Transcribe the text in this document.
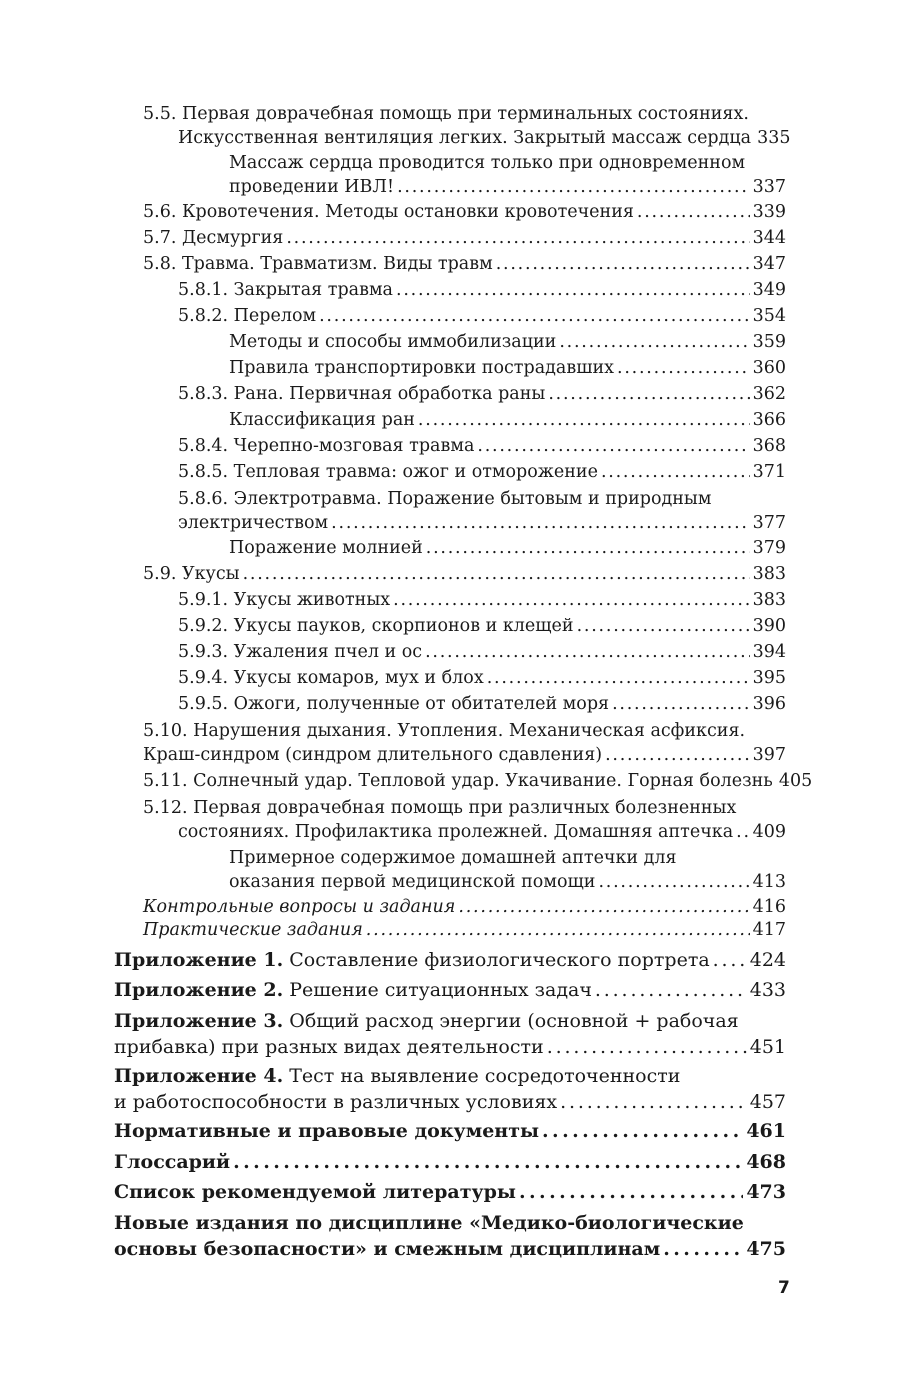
5.5. Первая доврачебная помощь при терминальных состояниях.
Искусственная вентиляция легких. Закрытый массаж сердца 335
Массаж сердца проводится только при одновременном
проведении ИВЛ! . . .	337
5.6. Кровотечения. Методы остановки кровотечения . . .	339
5.7. Десмургия . . .	344
5.8. Травма. Травматизм. Виды травм . . .	347
5.8.1. Закрытая травма . . .	349
5.8.2. Перелом . . .	354
Методы и способы иммобилизации . . .	359
Правила транспортировки пострадавших . . .	360
5.8.3. Рана. Первичная обработка раны . . .	362
Классификация ран . . .	366
5.8.4. Черепно-мозговая травма . . .	368
5.8.5. Тепловая травма: ожог и отморожение . . .	371
5.8.6. Электротравма. Поражение бытовым и природным
электричеством . . .	377
Поражение молнией . . .	379
5.9. Укусы . . .	383
5.9.1. Укусы животных . . .	383
5.9.2. Укусы пауков, скорпионов и клещей . . .	390
5.9.3. Ужаления пчел и ос . . .	394
5.9.4. Укусы комаров, мух и блох . . .	395
5.9.5. Ожоги, полученные от обитателей моря . . .	396
5.10. Нарушения дыхания. Утопления. Механическая асфиксия.
Краш-синдром (синдром длительного сдавления) . . .	397
5.11. Солнечный удар. Тепловой удар. Укачивание. Горная болезнь 405
5.12. Первая доврачебная помощь при различных болезненных
состояниях. Профилактика пролежней. Домашняя аптечка . . . 409
Примерное содержимое домашней аптечки для
оказания первой медицинской помощи . . .	413
Контрольные вопросы и задания . . .	416
Практические задания . . .	417
Приложение 1. Составление физиологического портрета . . . 424
Приложение 2. Решение ситуационных задач . . .	433
Приложение 3. Общий расход энергии (основной + рабочая
прибавка) при разных видах деятельности . . .	451
Приложение 4. Тест на выявление сосредоточенности
и работоспособности в различных условиях . . .	457
Нормативные и правовые документы . . .	461
Глоссарий . . .	468
Список рекомендуемой литературы . . .	473
Новые издания по дисциплине «Медико-биологические
основы безопасности» и смежным дисциплинам . . .	475
7
